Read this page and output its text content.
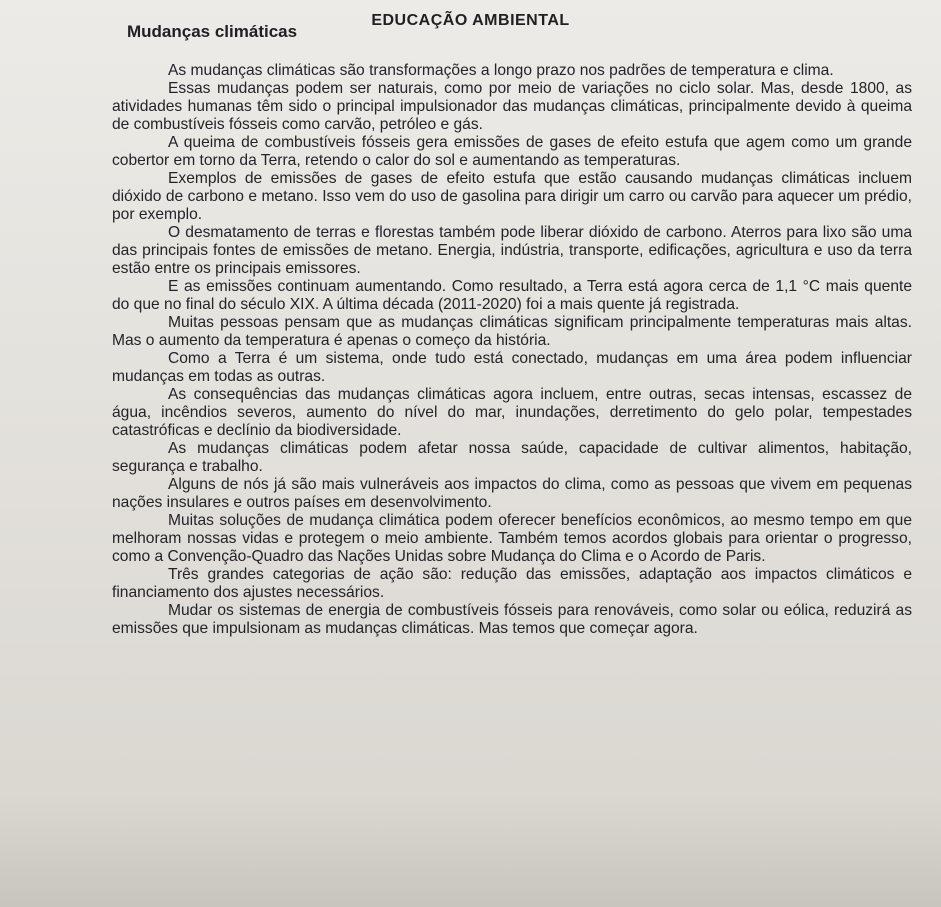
EDUCAÇÃO AMBIENTAL
Mudanças climáticas

As mudanças climáticas são transformações a longo prazo nos padrões de temperatura e clima.

Essas mudanças podem ser naturais, como por meio de variações no ciclo solar. Mas, desde 1800, as atividades humanas têm sido o principal impulsionador das mudanças climáticas, principalmente devido à queima de combustíveis fósseis como carvão, petróleo e gás.

A queima de combustíveis fósseis gera emissões de gases de efeito estufa que agem como um grande cobertor em torno da Terra, retendo o calor do sol e aumentando as temperaturas.

Exemplos de emissões de gases de efeito estufa que estão causando mudanças climáticas incluem dióxido de carbono e metano. Isso vem do uso de gasolina para dirigir um carro ou carvão para aquecer um prédio, por exemplo.

O desmatamento de terras e florestas também pode liberar dióxido de carbono. Aterros para lixo são uma das principais fontes de emissões de metano. Energia, indústria, transporte, edificações, agricultura e uso da terra estão entre os principais emissores.

E as emissões continuam aumentando. Como resultado, a Terra está agora cerca de 1,1 °C mais quente do que no final do século XIX. A última década (2011-2020) foi a mais quente já registrada.

Muitas pessoas pensam que as mudanças climáticas significam principalmente temperaturas mais altas. Mas o aumento da temperatura é apenas o começo da história.

Como a Terra é um sistema, onde tudo está conectado, mudanças em uma área podem influenciar mudanças em todas as outras.

As consequências das mudanças climáticas agora incluem, entre outras, secas intensas, escassez de água, incêndios severos, aumento do nível do mar, inundações, derretimento do gelo polar, tempestades catastróficas e declínio da biodiversidade.

As mudanças climáticas podem afetar nossa saúde, capacidade de cultivar alimentos, habitação, segurança e trabalho.

Alguns de nós já são mais vulneráveis aos impactos do clima, como as pessoas que vivem em pequenas nações insulares e outros países em desenvolvimento.

Muitas soluções de mudança climática podem oferecer benefícios econômicos, ao mesmo tempo em que melhoram nossas vidas e protegem o meio ambiente. Também temos acordos globais para orientar o progresso, como a Convenção-Quadro das Nações Unidas sobre Mudança do Clima e o Acordo de Paris.

Três grandes categorias de ação são: redução das emissões, adaptação aos impactos climáticos e financiamento dos ajustes necessários.

Mudar os sistemas de energia de combustíveis fósseis para renováveis, como solar ou eólica, reduzirá as emissões que impulsionam as mudanças climáticas. Mas temos que começar agora.
